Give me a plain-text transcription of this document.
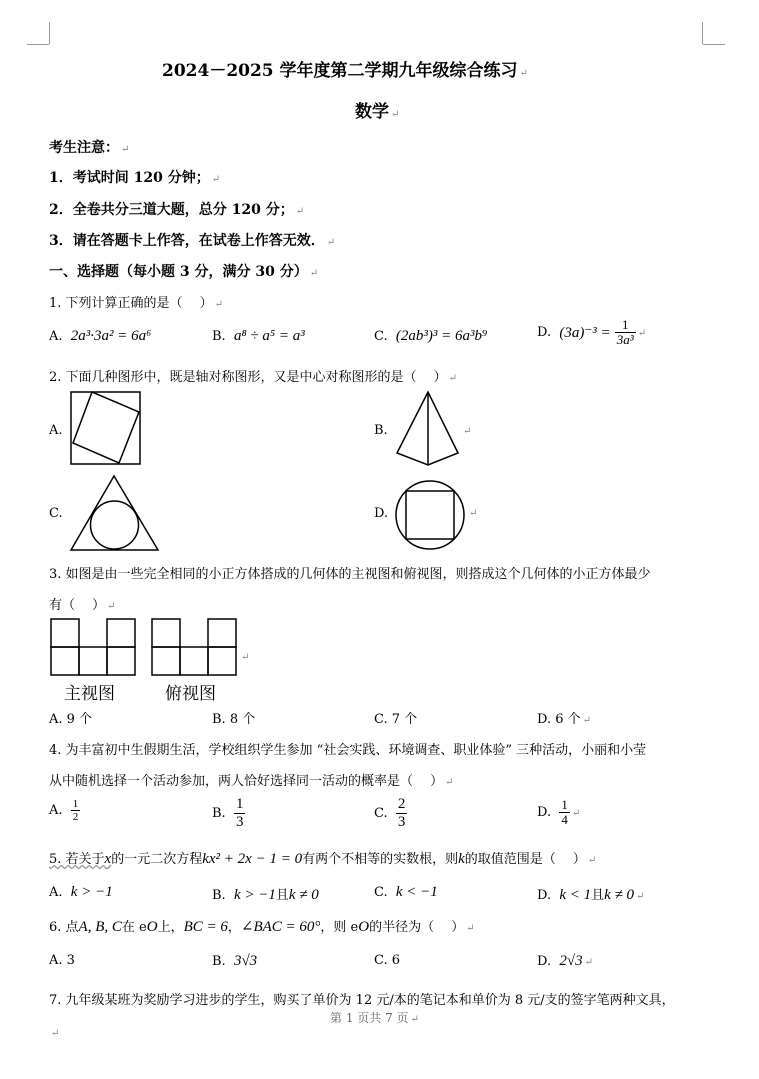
2024－2025 学年度第二学期九年级综合练习 ↵
数学 ↵
考生注意： ↵
1．考试时间 120 分钟； ↵
2．全卷共分三道大题，总分 120 分； ↵
3．请在答题卡上作答，在试卷上作答无效． ↵
一、选择题（每小题 3 分，满分 30 分） ↵
1. 下列计算正确的是（　 ） ↵
A. 2a³·3a² = 6a⁶	B. a⁸ ÷ a⁵ = a³	C. (2ab³)³ = 6a³b⁹	D. $(3a)^{-3} = \frac{1}{\text{3a³}}$ ↵
2. 下面几种图形中，既是轴对称图形，又是中心对称图形的是（　 ） ↵
A.	B.
C.	D.	↵
↵
3. 如图是由一些完全相同的小正方体搭成的几何体的主视图和俯视图，则搭成这个几何体的小正方体最少
有（　 ） ↵
↵
主视图	俯视图
A. 9 个	B. 8 个	C. 7 个	D. 6 个 ↵
4. 为丰富初中生假期生活，学校组织学生参加 “社会实践、环境调查、职业体验” 三种活动，小丽和小莹
从中随机选择一个活动参加，两人恰好选择同一活动的概率是（　 ） ↵
A. $\frac{1}{2}$	B. $\frac{1}{3}$	C. $\frac{2}{3}$	D. $\frac{1}{4}$ ↵
5. 若关于x的一元二次方程kx² + 2x − 1 = 0有两个不相等的实数根，则k的取值范围是（　 ） ↵
A. k > −1	B. k > −1且k ≠ 0	C. k < −1	D. k < 1且k ≠ 0 ↵
6. 点A, B, C在 eO上，BC = 6，∠BAC = 60°，则 eO的半径为（　 ） ↵
A. 3	B. 3√3	C. 6	D. 2√3 ↵
7. 九年级某班为奖励学习进步的学生，购买了单价为 12 元/本的笔记本和单价为 8 元/支的签字笔两种文具，
第 1 页共 7 页 ↵
↵
